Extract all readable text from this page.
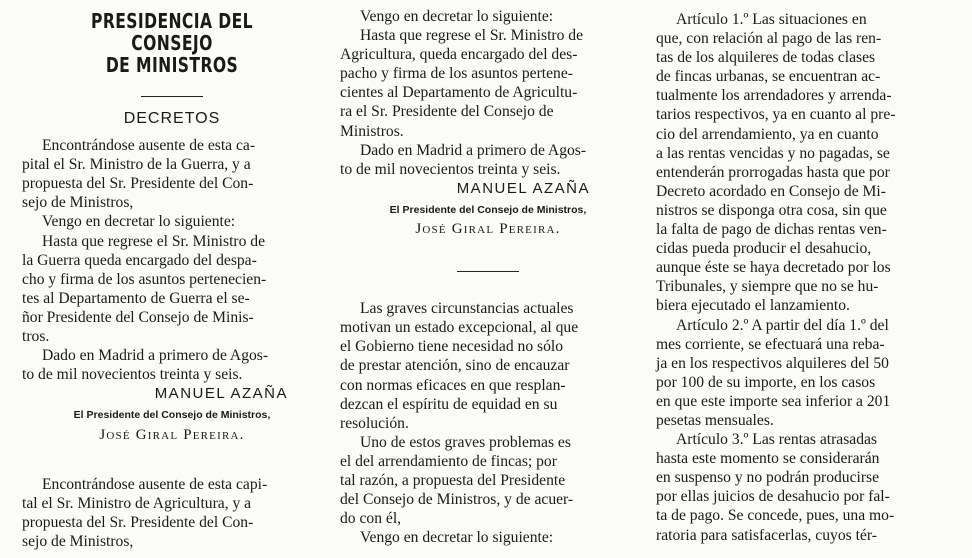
PRESIDENCIA DEL CONSEJO
DE MINISTROS

DECRETOS

Encontrándose ausente de esta ca-

pital el Sr. Ministro de la Guerra, y a

propuesta del Sr. Presidente del Con-

sejo de Ministros,

Vengo en decretar lo siguiente:

Hasta que regrese el Sr. Ministro de

la Guerra queda encargado del despa-

cho y firma de los asuntos pertenecien-

tes al Departamento de Guerra el se-

ñor Presidente del Consejo de Minis-

tros.

Dado en Madrid a primero de Agos-

to de mil novecientos treinta y seis.

MANUEL AZAÑA

El Presidente del Consejo de Ministros,

José Giral Pereira.

Encontrándose ausente de esta capi-

tal el Sr. Ministro de Agricultura, y a

propuesta del Sr. Presidente del Con-

sejo de Ministros,

Vengo en decretar lo siguiente:

Hasta que regrese el Sr. Ministro de

Agricultura, queda encargado del des-

pacho y firma de los asuntos pertene-

cientes al Departamento de Agricultu-

ra el Sr. Presidente del Consejo de

Ministros.

Dado en Madrid a primero de Agos-

to de mil novecientos treinta y seis.

MANUEL AZAÑA

El Presidente del Consejo de Ministros,

José Giral Pereira.

Las graves circunstancias actuales

motivan un estado excepcional, al que

el Gobierno tiene necesidad no sólo

de prestar atención, sino de encauzar

con normas eficaces en que resplan-

dezcan el espíritu de equidad en su

resolución.

Uno de estos graves problemas es

el del arrendamiento de fincas; por

tal razón, a propuesta del Presidente

del Consejo de Ministros, y de acuer-

do con él,

Vengo en decretar lo siguiente:

Artículo 1.º Las situaciones en

que, con relación al pago de las ren-

tas de los alquileres de todas clases

de fincas urbanas, se encuentran ac-

tualmente los arrendadores y arrenda-

tarios respectivos, ya en cuanto al pre-

cio del arrendamiento, ya en cuanto

a las rentas vencidas y no pagadas, se

entenderán prorrogadas hasta que por

Decreto acordado en Consejo de Mi-

nistros se disponga otra cosa, sin que

la falta de pago de dichas rentas ven-

cidas pueda producir el desahucio,

aunque éste se haya decretado por los

Tribunales, y siempre que no se hu-

biera ejecutado el lanzamiento.

Artículo 2.º A partir del día 1.º del

mes corriente, se efectuará una reba-

ja en los respectivos alquileres del 50

por 100 de su importe, en los casos

en que este importe sea inferior a 201

pesetas mensuales.

Artículo 3.º Las rentas atrasadas

hasta este momento se considerarán

en suspenso y no podrán producirse

por ellas juicios de desahucio por fal-

ta de pago. Se concede, pues, una mo-

ratoria para satisfacerlas, cuyos tér-
